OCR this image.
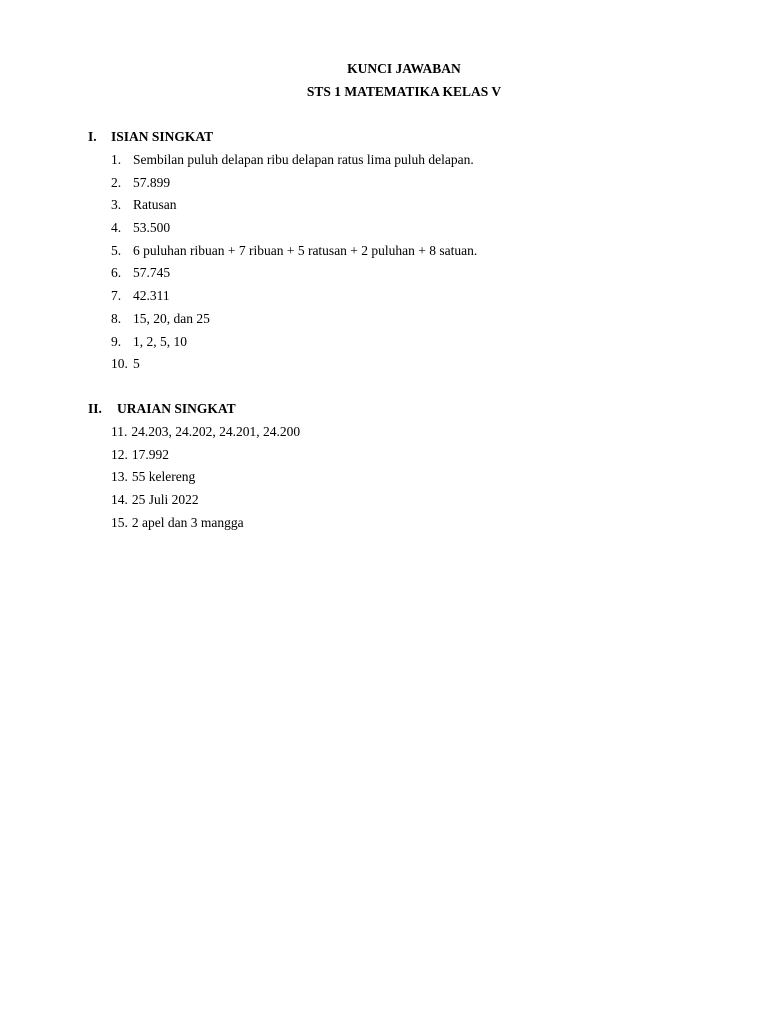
KUNCI JAWABAN
STS 1 MATEMATIKA KELAS V
I. ISIAN SINGKAT
1. Sembilan puluh delapan ribu delapan ratus lima puluh delapan.
2. 57.899
3. Ratusan
4. 53.500
5. 6 puluhan ribuan + 7 ribuan + 5 ratusan + 2 puluhan + 8 satuan.
6. 57.745
7. 42.311
8. 15, 20, dan 25
9. 1, 2, 5, 10
10. 5
II. URAIAN SINGKAT
11. 24.203, 24.202, 24.201, 24.200
12. 17.992
13. 55 kelereng
14. 25 Juli 2022
15. 2 apel dan 3 mangga
